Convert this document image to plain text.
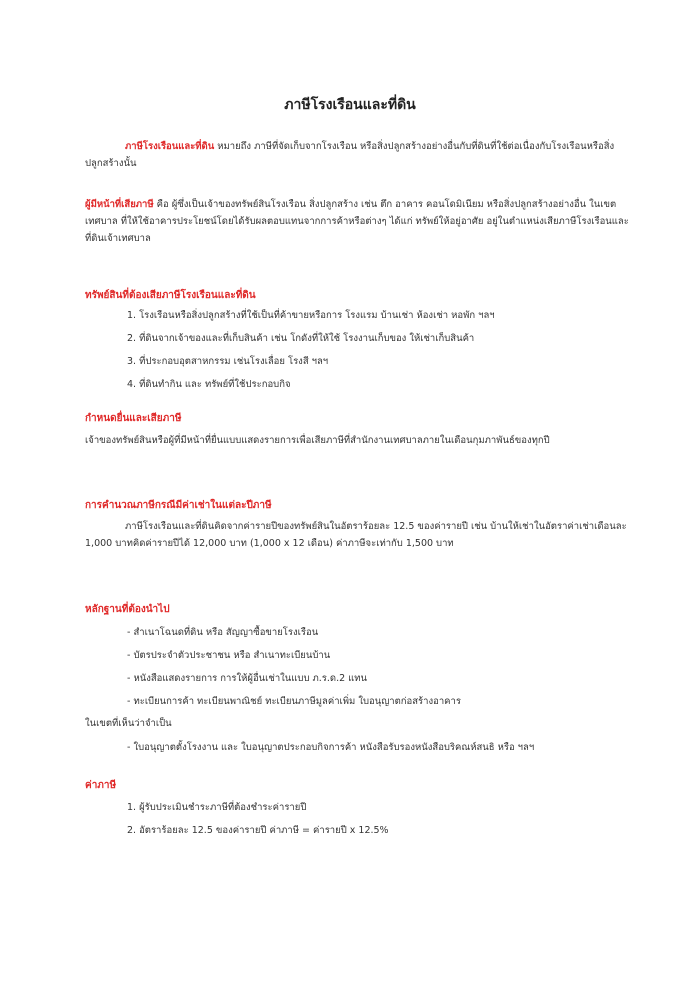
ภาษีโรงเรือนและที่ดิน
ภาษีโรงเรือนและที่ดิน หมายถึง ภาษีที่จัดเก็บจากโรงเรือน หรือสิ่งปลูกสร้างอย่างอื่นกับที่ดินที่ใช้ต่อเนื่องกับโรงเรือนหรือสิ่งปลูกสร้างนั้น
ผู้มีหน้าที่เสียภาษี คือ ผู้ซึ่งเป็นเจ้าของทรัพย์สินโรงเรือน สิ่งปลูกสร้าง เช่น ตึก อาคาร คอนโดมิเนียม หรือสิ่งปลูกสร้างอย่างอื่น ในเขตเทศบาล ที่ให้ใช้อาคารประโยชน์โดยได้รับผลตอบแทนจากการค้าหรือต่างๆ ได้แก่ ทรัพย์ให้อยู่อาศัย อยู่ในตำแหน่งเสียภาษีโรงเรือนและที่ดินเจ้าเทศบาล
ทรัพย์สินที่ต้องเสียภาษีโรงเรือนและที่ดิน
1. โรงเรือนหรือสิ่งปลูกสร้างที่ใช้เป็นที่ค้าขายหรือการ โรงแรม บ้านเช่า ห้องเช่า หอพัก ฯลฯ
2. ที่ดินจากเจ้าของและที่เก็บสินค้า เช่น โกดังที่ให้ใช้ โรงงานเก็บของ ให้เช่าเก็บสินค้า
3. ที่ประกอบอุตสาหกรรม เช่นโรงเลื่อย โรงสี ฯลฯ
4. ที่ดินทำกิน และ ทรัพย์ที่ใช้ประกอบกิจ
กำหนดยื่นและเสียภาษี
เจ้าของทรัพย์สินหรือผู้ที่มีหน้าที่ยื่นแบบแสดงรายการเพื่อเสียภาษีที่สำนักงานเทศบาลภายในเดือนกุมภาพันธ์ของทุกปี
การคำนวณภาษีกรณีมีค่าเช่าในแต่ละปีภาษี
ภาษีโรงเรือนและที่ดินคิดจากค่ารายปีของทรัพย์สินในอัตราร้อยละ 12.5 ของค่ารายปี เช่น บ้านให้เช่าในอัตราค่าเช่าเดือนละ 1,000 บาทคิดค่ารายปีได้ 12,000 บาท (1,000 x 12 เดือน) ค่าภาษีจะเท่ากับ 1,500 บาท
หลักฐานที่ต้องนำไป
- สำเนาโฉนดที่ดิน หรือ สัญญาซื้อขายโรงเรือน
- บัตรประจำตัวประชาชน หรือ สำเนาทะเบียนบ้าน
- หนังสือแสดงรายการ การให้ผู้อื่นเช่าในแบบ ภ.ร.ด.2 แทน
- ทะเบียนการค้า ทะเบียนพาณิชย์ ทะเบียนภาษีมูลค่าเพิ่ม ใบอนุญาตก่อสร้างอาคาร
ในเขตที่เห็นว่าจำเป็น
- ใบอนุญาตตั้งโรงงาน และ ใบอนุญาตประกอบกิจการค้า หนังสือรับรองหนังสือบริคณห์สนธิ หรือ ฯลฯ
ค่าภาษี
1. ผู้รับประเมินชำระภาษีที่ต้องชำระค่ารายปี
2. อัตราร้อยละ 12.5 ของค่ารายปี ค่าภาษี = ค่ารายปี x 12.5%
